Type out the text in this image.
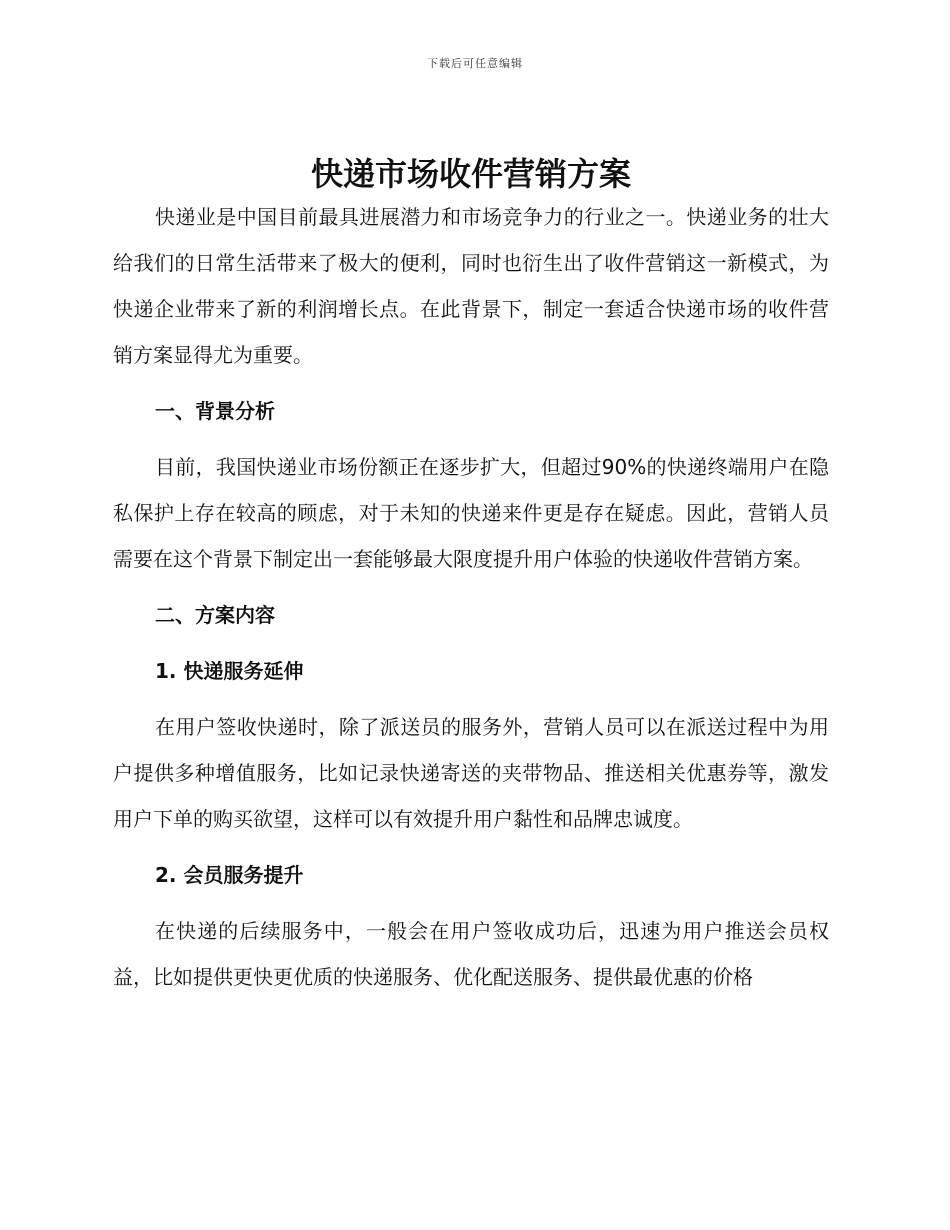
下载后可任意编辑
快递市场收件营销方案

快递业是中国目前最具进展潜力和市场竞争力的行业之一。快递业务的壮大给我们的日常生活带来了极大的便利，同时也衍生出了收件营销这一新模式，为快递企业带来了新的利润增长点。在此背景下，制定一套适合快递市场的收件营销方案显得尤为重要。

一、背景分析

目前，我国快递业市场份额正在逐步扩大，但超过90%的快递终端用户在隐私保护上存在较高的顾虑，对于未知的快递来件更是存在疑虑。因此，营销人员需要在这个背景下制定出一套能够最大限度提升用户体验的快递收件营销方案。

二、方案内容
1. 快递服务延伸

在用户签收快递时，除了派送员的服务外，营销人员可以在派送过程中为用户提供多种增值服务，比如记录快递寄送的夹带物品、推送相关优惠券等，激发用户下单的购买欲望，这样可以有效提升用户黏性和品牌忠诚度。

2. 会员服务提升

在快递的后续服务中，一般会在用户签收成功后，迅速为用户推送会员权益，比如提供更快更优质的快递服务、优化配送服务、提供最优惠的价格
